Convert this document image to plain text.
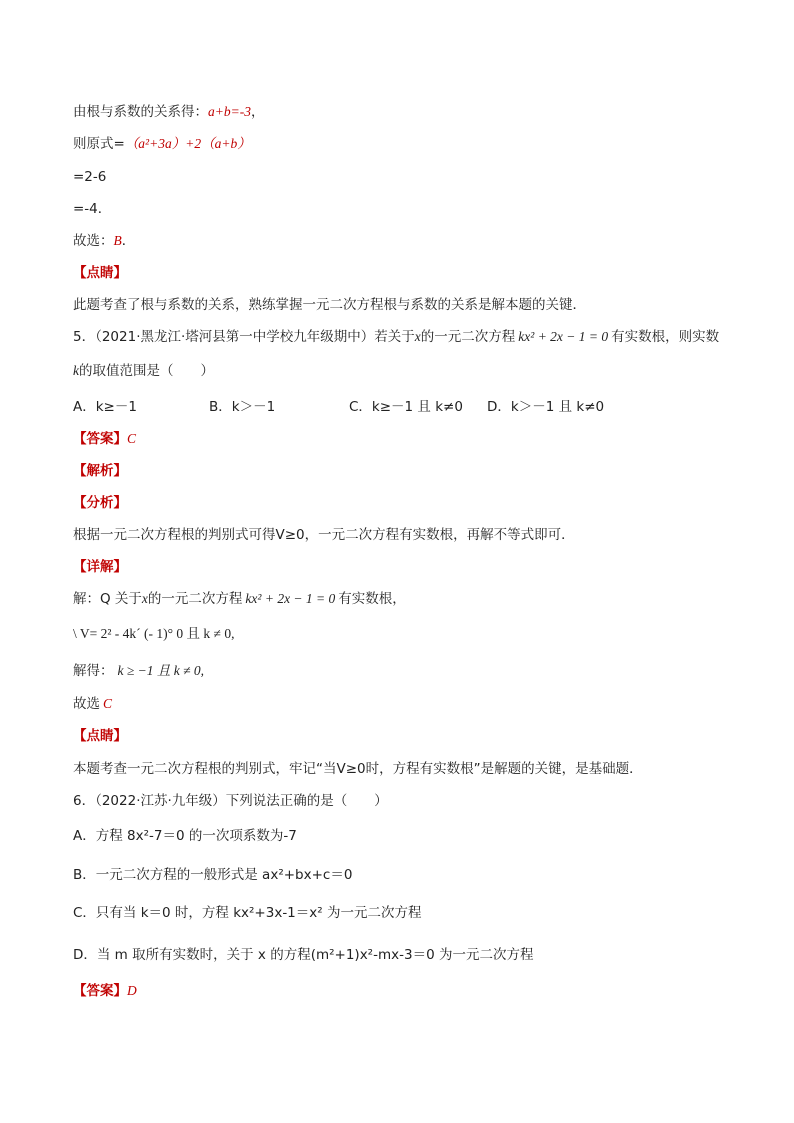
由根与系数的关系得：a+b=-3，
则原式=（a²+3a）+2（a+b）
=2-6
=-4．
故选：B．
【点睛】
此题考查了根与系数的关系，熟练掌握一元二次方程根与系数的关系是解本题的关键．
5．（2021·黑龙江·塔河县第一中学校九年级期中）若关于x的一元二次方程 kx² + 2x − 1 = 0 有实数根，则实数
k的取值范围是（　　）
A．k≥－1	B．k＞－1	C．k≥－1 且 k≠0 D．k＞－1 且 k≠0
【答案】C
【解析】
【分析】
根据一元二次方程根的判别式可得V≥0，一元二次方程有实数根，再解不等式即可．
【详解】
解：Q 关于x的一元二次方程 kx² + 2x − 1 = 0 有实数根，
\ V= 2² - 4k´ (- 1)° 0 且 k ≠ 0,
解得： k ≥ −1 且 k ≠ 0,
故选 C
【点睛】
本题考查一元二次方程根的判别式，牢记“当V≥0时，方程有实数根”是解题的关键，是基础题．
6．（2022·江苏·九年级）下列说法正确的是（　　）
A．方程 8x²-7＝0 的一次项系数为-7
B．一元二次方程的一般形式是 ax²+bx+c＝0
C．只有当 k＝0 时，方程 kx²+3x-1＝x² 为一元二次方程
D．当 m 取所有实数时，关于 x 的方程(m²+1)x²-mx-3＝0 为一元二次方程
【答案】D
